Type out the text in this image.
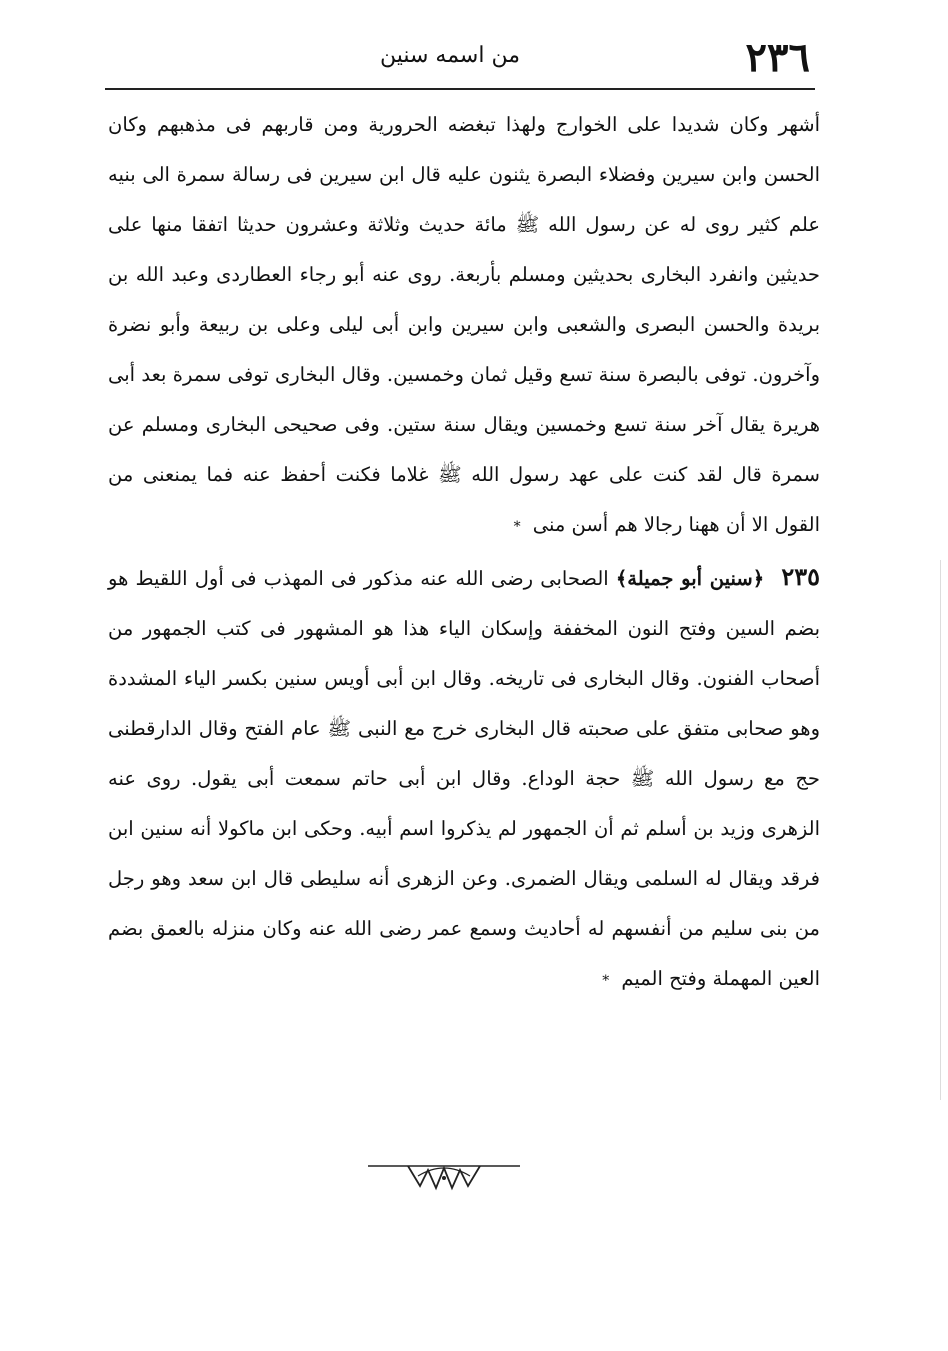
٢٣٦
من اسمه سنين

أشهر وكان شديدا على الخوارج ولهذا تبغضه الحرورية ومن قاربهم فى مذهبهم وكان الحسن وابن سيرين وفضلاء البصرة يثنون عليه قال ابن سيرين فى رسالة سمرة الى بنيه علم كثير روى له عن رسول الله ﷺ مائة حديث وثلاثة وعشرون حديثا اتفقا منها على حديثين وانفرد البخارى بحديثين ومسلم بأربعة. روى عنه أبو رجاء العطاردى وعبد الله بن بريدة والحسن البصرى والشعبى وابن سيرين وابن أبى ليلى وعلى بن ربيعة وأبو نضرة وآخرون. توفى بالبصرة سنة تسع وقيل ثمان وخمسين. وقال البخارى توفى سمرة بعد أبى هريرة يقال آخر سنة تسع وخمسين ويقال سنة ستين. وفى صحيحى البخارى ومسلم عن سمرة قال لقد كنت على عهد رسول الله ﷺ غلاما فكنت أحفظ عنه فما يمنعنى من القول الا أن ههنا رجالا هم أسن منى *

٢٣٥ ﴿سنين أبو جميلة﴾ الصحابى رضى الله عنه مذكور فى المهذب فى أول اللقيط هو بضم السين وفتح النون المخففة وإسكان الياء هذا هو المشهور فى كتب الجمهور من أصحاب الفنون. وقال البخارى فى تاريخه. وقال ابن أبى أويس سنين بكسر الياء المشددة وهو صحابى متفق على صحبته قال البخارى خرج مع النبى ﷺ عام الفتح وقال الدارقطنى حج مع رسول الله ﷺ حجة الوداع. وقال ابن أبى حاتم سمعت أبى يقول. روى عنه الزهرى وزيد بن أسلم ثم أن الجمهور لم يذكروا اسم أبيه. وحكى ابن ماكولا أنه سنين ابن فرقد ويقال له السلمى ويقال الضمرى. وعن الزهرى أنه سليطى قال ابن سعد وهو رجل من بنى سليم من أنفسهم له أحاديث وسمع عمر رضى الله عنه وكان منزله بالعمق بضم العين المهملة وفتح الميم *
